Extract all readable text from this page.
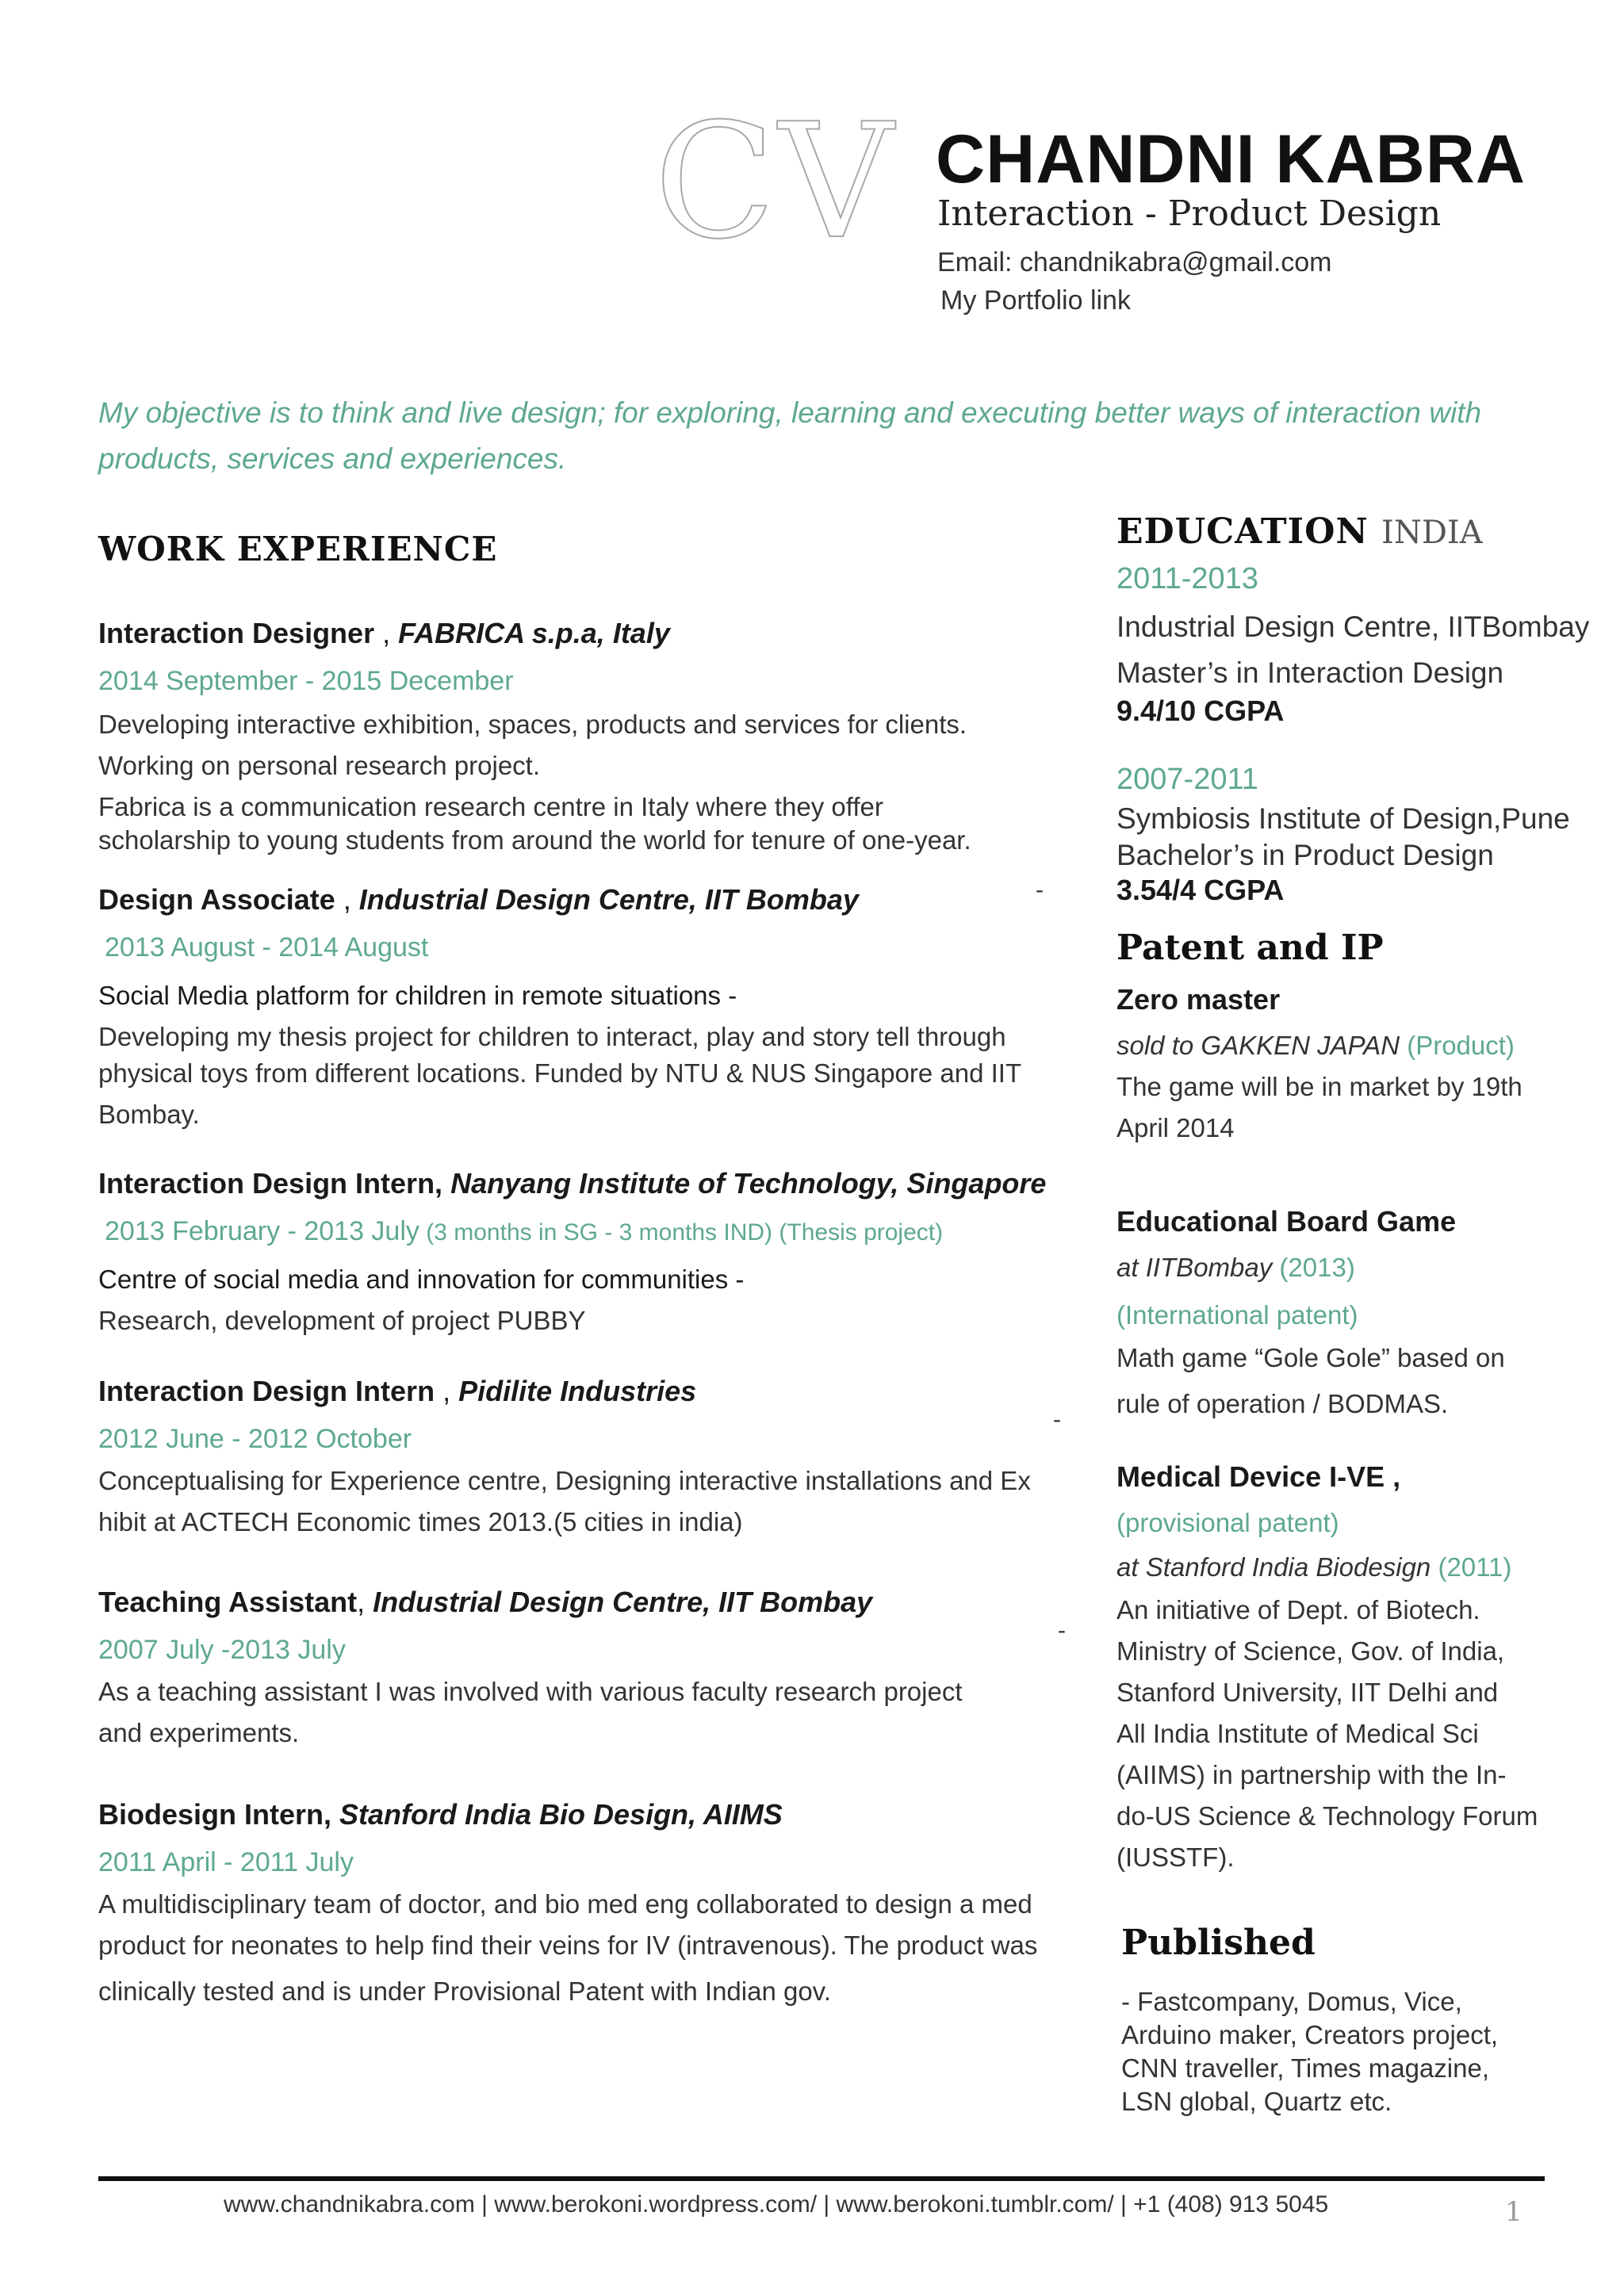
CV CHANDNI KABRA
Interaction - Product Design
Email: chandnikabra@gmail.com
My Portfolio link
My objective is to think and live design; for exploring, learning and executing better ways of interaction with products, services and experiences.
WORK EXPERIENCE
Interaction Designer , FABRICA s.p.a, Italy
2014 September - 2015 December
Developing interactive exhibition, spaces, products and services for clients.
Working on personal research project.
Fabrica is a communication research centre in Italy where they offer
scholarship to young students from around the world for tenure of one-year.
Design Associate , Industrial Design Centre, IIT Bombay	-
2013 August - 2014 August
Social Media platform for children in remote situations -
Developing my thesis project for children to interact, play and story tell through
physical toys from different locations. Funded by NTU & NUS Singapore and IIT
Bombay.
Interaction Design Intern, Nanyang Institute of Technology, Singapore
2013 February - 2013 July (3 months in SG - 3 months IND) (Thesis project)
Centre of social media and innovation for communities -
Research, development of project PUBBY
Interaction Design Intern , Pidilite Industries
-
2012 June - 2012 October
Conceptualising for Experience centre, Designing interactive installations and Ex
hibit at ACTECH Economic times 2013.(5 cities in india)
Teaching Assistant, Industrial Design Centre, IIT Bombay
-
2007 July -2013 July
As a teaching assistant I was involved with various faculty research project
and experiments.
Biodesign Intern, Stanford India Bio Design, AIIMS
2011 April - 2011 July
A multidisciplinary team of doctor, and bio med eng collaborated to design a med
product for neonates to help find their veins for IV (intravenous). The product was
clinically tested and is under Provisional Patent with Indian gov.
EDUCATION INDIA
2011-2013
Industrial Design Centre, IITBombay
Master’s in Interaction Design
9.4/10 CGPA
2007-2011
Symbiosis Institute of Design,Pune
Bachelor’s in Product Design
3.54/4 CGPA
Patent and IP
Zero master
sold to GAKKEN JAPAN (Product)
The game will be in market by 19th
April 2014
Educational Board Game
at IITBombay (2013)
(International patent)
Math game “Gole Gole” based on
rule of operation / BODMAS.
Medical Device I-VE ,
(provisional patent)
at Stanford India Biodesign (2011)
An initiative of Dept. of Biotech.
Ministry of Science, Gov. of India,
Stanford University, IIT Delhi and
All India Institute of Medical Sci
(AIIMS) in partnership with the In-
do-US Science & Technology Forum
(IUSSTF).
Published
- Fastcompany, Domus, Vice,
Arduino maker, Creators project,
CNN traveller, Times magazine,
LSN global, Quartz etc.
www.chandnikabra.com | www.berokoni.wordpress.com/ | www.berokoni.tumblr.com/ | +1 (408) 913 5045	1
